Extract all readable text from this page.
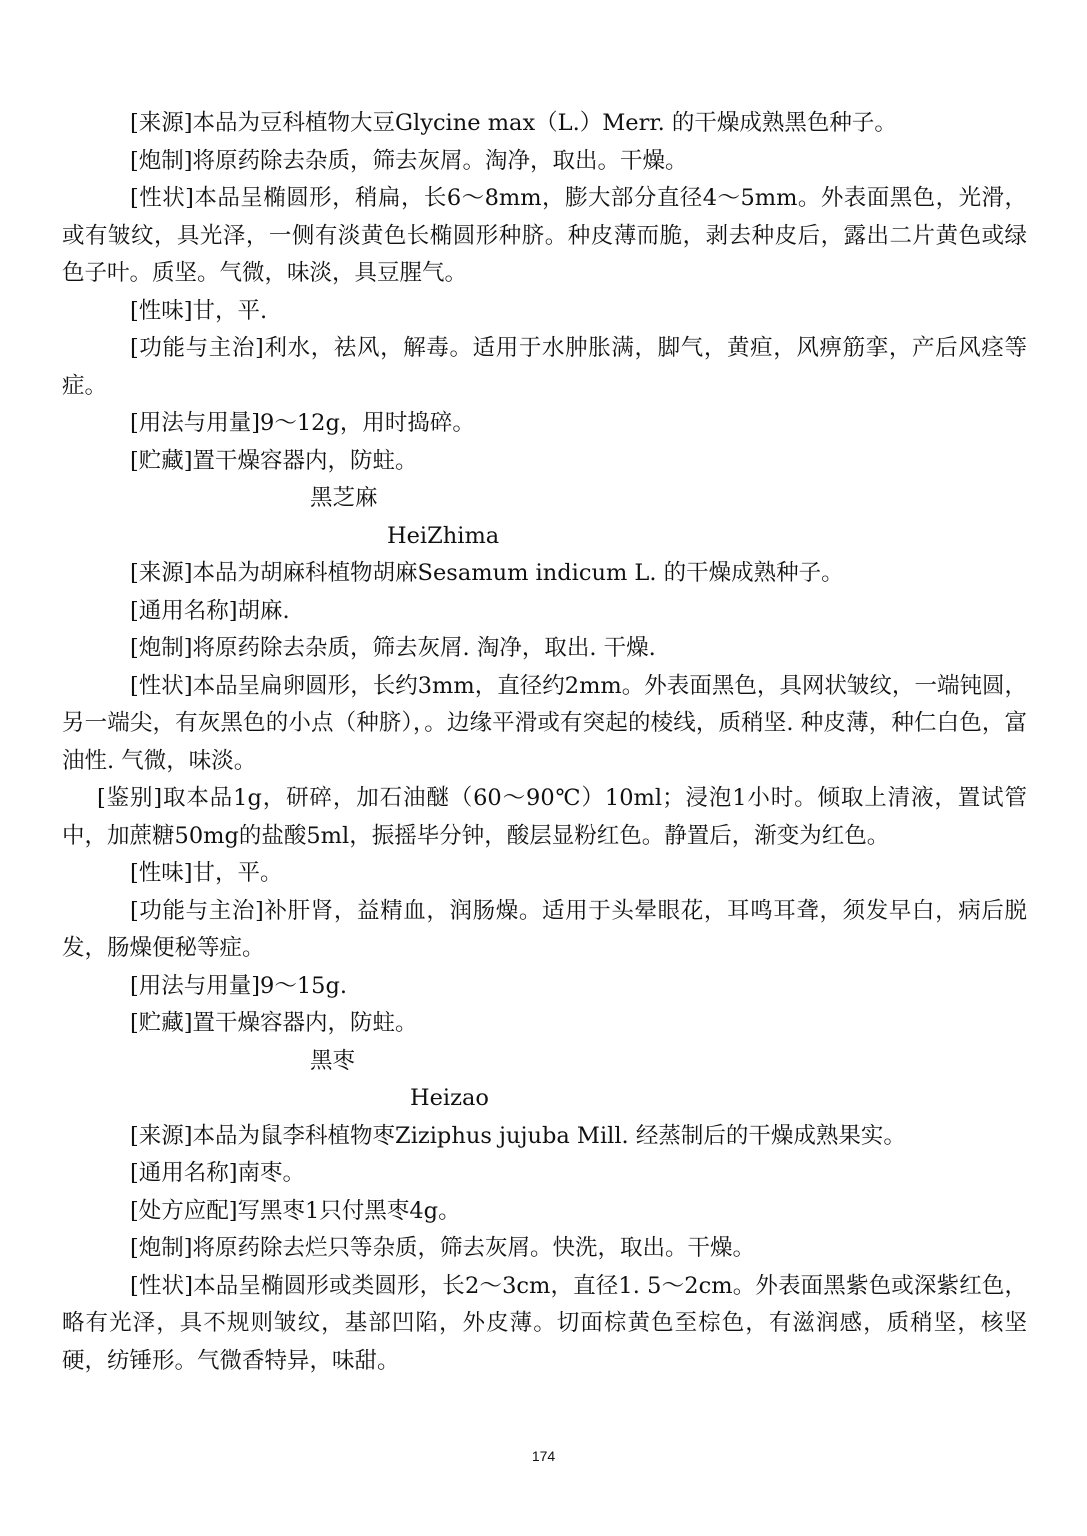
[来源]本品为豆科植物大豆Glycine max（L.）Merr. 的干燥成熟黑色种子。

[炮制]将原药除去杂质，筛去灰屑。淘净，取出。干燥。

[性状]本品呈椭圆形，稍扁，长6～8mm，膨大部分直径4～5mm。外表面黑色，光滑，或有皱纹，具光泽，一侧有淡黄色长椭圆形种脐。种皮薄而脆，剥去种皮后，露出二片黄色或绿色子叶。质坚。气微，味淡，具豆腥气。

[性味]甘，平.

[功能与主治]利水，祛风，解毒。适用于水肿胀满，脚气，黄疸，风痹筋挛，产后风痉等症。

[用法与用量]9～12g，用时捣碎。

[贮藏]置干燥容器内，防蛀。

黑芝麻

HeiZhima

[来源]本品为胡麻科植物胡麻Sesamum indicum L. 的干燥成熟种子。

[通用名称]胡麻.

[炮制]将原药除去杂质，筛去灰屑. 淘净，取出. 干燥.

[性状]本品呈扁卵圆形，长约3mm，直径约2mm。外表面黑色，具网状皱纹，一端钝圆，另一端尖，有灰黑色的小点（种脐），。边缘平滑或有突起的棱线，质稍坚. 种皮薄，种仁白色，富油性. 气微，味淡。

[鉴别]取本品1g，研碎，加石油醚（60～90℃）10ml；浸泡1小时。倾取上清液，置试管中，加蔗糖50mg的盐酸5ml，振摇毕分钟，酸层显粉红色。静置后，渐变为红色。

[性味]甘，平。

[功能与主治]补肝肾，益精血，润肠燥。适用于头晕眼花，耳鸣耳聋，须发早白，病后脱发，肠燥便秘等症。

[用法与用量]9～15g.

[贮藏]置干燥容器内，防蛀。

黑枣

Heizao

[来源]本品为鼠李科植物枣Ziziphus jujuba Mill. 经蒸制后的干燥成熟果实。

[通用名称]南枣。

[处方应配]写黑枣1只付黑枣4g。

[炮制]将原药除去烂只等杂质，筛去灰屑。快洗，取出。干燥。

[性状]本品呈椭圆形或类圆形，长2～3cm，直径1. 5～2cm。外表面黑紫色或深紫红色，略有光泽，具不规则皱纹，基部凹陷，外皮薄。切面棕黄色至棕色，有滋润感，质稍坚，核坚硬，纺锤形。气微香特异，味甜。

174
